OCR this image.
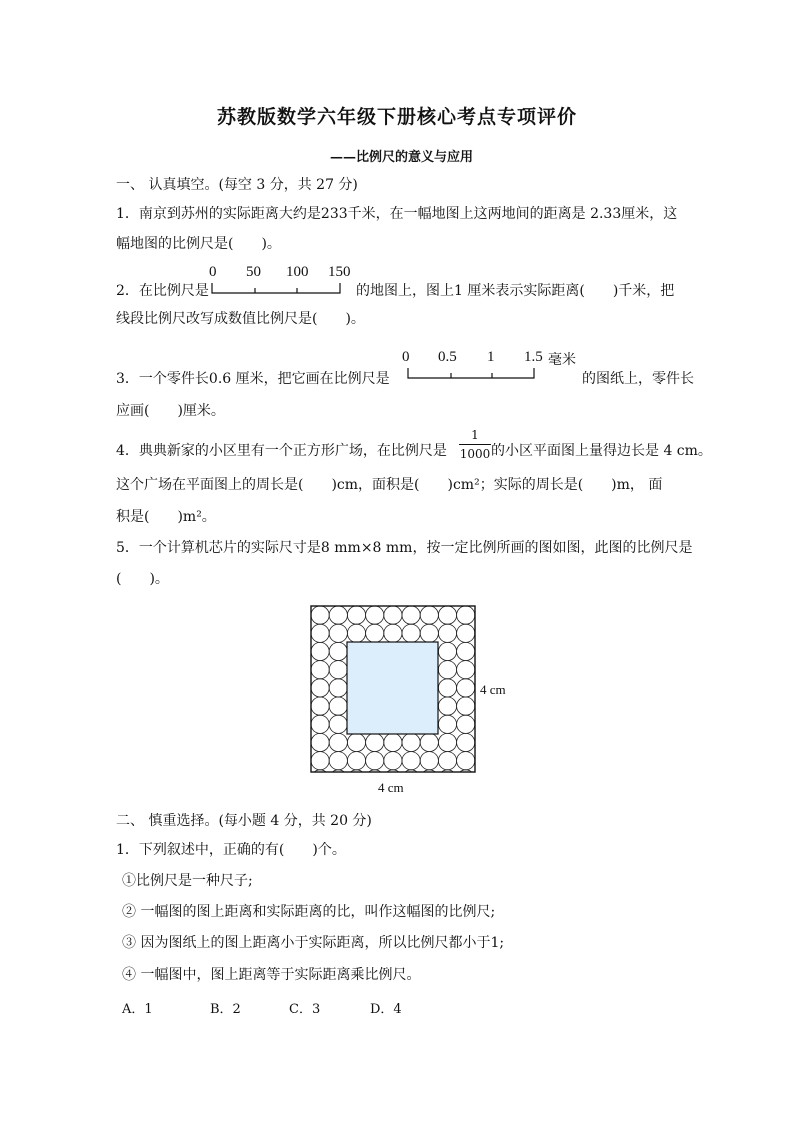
苏教版数学六年级下册核心考点专项评价
——比例尺的意义与应用
一、 认真填空。(每空 3 分，共 27 分)
1．南京到苏州的实际距离大约是233千米，在一幅地图上这两地间的距离是 2.33厘米，这
幅地图的比例尺是(　　)。
2．在比例尺是
0 50 100 150
的地图上，图上1 厘米表示实际距离(　　)千米，把
线段比例尺改写成数值比例尺是(　　)。
3．一个零件长0.6 厘米，把它画在比例尺是
0 0.5 1 1.5 毫米
的图纸上，零件长
应画(　　)厘米。
4．典典新家的小区里有一个正方形广场，在比例尺是
1
1000 的小区平面图上量得边长是 4 cm。
这个广场在平面图上的周长是(　　)cm，面积是(　　)cm²；实际的周长是(　　)m， 面
积是(　　)m²。
5．一个计算机芯片的实际尺寸是8 mm×8 mm，按一定比例所画的图如图，此图的比例尺是
(　　)。
4 cm
4 cm
二、 慎重选择。(每小题 4 分，共 20 分)
1．下列叙述中，正确的有(　　)个。
①比例尺是一种尺子;
② 一幅图的图上距离和实际距离的比，叫作这幅图的比例尺;
③ 因为图纸上的图上距离小于实际距离，所以比例尺都小于1;
④ 一幅图中，图上距离等于实际距离乘比例尺。
A．1	B．2	C．3	D．4
